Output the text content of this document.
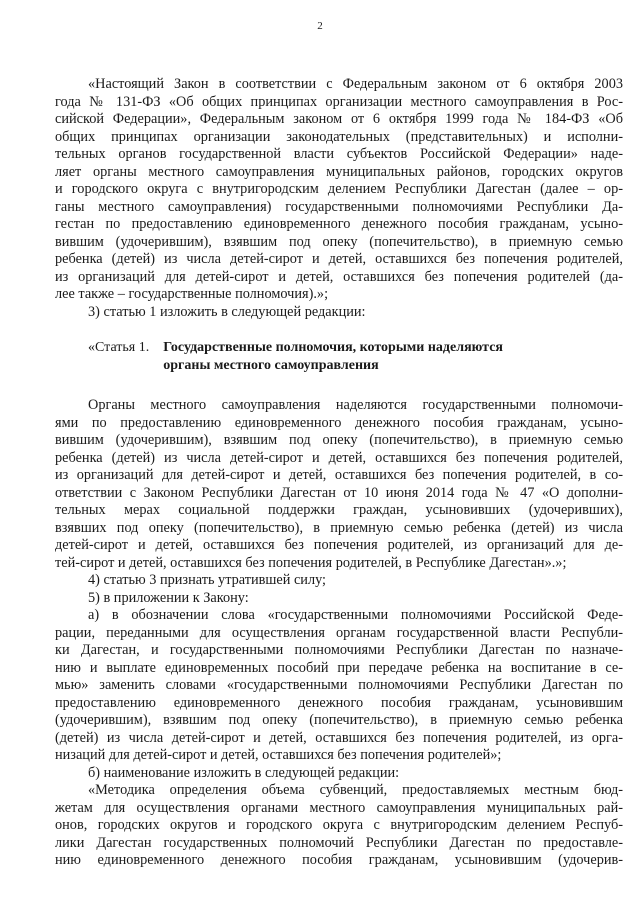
2
«Настоящий Закон в соответствии с Федеральным законом от 6 октября 2003
года № 131-ФЗ «Об общих принципах организации местного самоуправления в Рос-
сийской Федерации», Федеральным законом от 6 октября 1999 года № 184-ФЗ «Об
общих принципах организации законодательных (представительных) и исполни-
тельных органов государственной власти субъектов Российской Федерации» наде-
ляет органы местного самоуправления муниципальных районов, городских округов
и городского округа с внутригородским делением Республики Дагестан (далее – ор-
ганы местного самоуправления) государственными полномочиями Республики Да-
гестан по предоставлению единовременного денежного пособия гражданам, усыно-
вившим (удочерившим), взявшим под опеку (попечительство), в приемную семью
ребенка (детей) из числа детей-сирот и детей, оставшихся без попечения родителей,
из организаций для детей-сирот и детей, оставшихся без попечения родителей (да-
лее также – государственные полномочия).»;
3) статью 1 изложить в следующей редакции:
«Статья 1. Государственные полномочия, которыми наделяются
органы местного самоуправления
Органы местного самоуправления наделяются государственными полномочи-
ями по предоставлению единовременного денежного пособия гражданам, усыно-
вившим (удочерившим), взявшим под опеку (попечительство), в приемную семью
ребенка (детей) из числа детей-сирот и детей, оставшихся без попечения родителей,
из организаций для детей-сирот и детей, оставшихся без попечения родителей, в со-
ответствии с Законом Республики Дагестан от 10 июня 2014 года № 47 «О дополни-
тельных мерах социальной поддержки граждан, усыновивших (удочеривших),
взявших под опеку (попечительство), в приемную семью ребенка (детей) из числа
детей-сирот и детей, оставшихся без попечения родителей, из организаций для де-
тей-сирот и детей, оставшихся без попечения родителей, в Республике Дагестан».»;
4) статью 3 признать утратившей силу;
5) в приложении к Закону:
а) в обозначении слова «государственными полномочиями Российской Феде-
рации, переданными для осуществления органам государственной власти Республи-
ки Дагестан, и государственными полномочиями Республики Дагестан по назначе-
нию и выплате единовременных пособий при передаче ребенка на воспитание в се-
мью» заменить словами «государственными полномочиями Республики Дагестан по
предоставлению единовременного денежного пособия гражданам, усыновившим
(удочерившим), взявшим под опеку (попечительство), в приемную семью ребенка
(детей) из числа детей-сирот и детей, оставшихся без попечения родителей, из орга-
низаций для детей-сирот и детей, оставшихся без попечения родителей»;
б) наименование изложить в следующей редакции:
«Методика определения объема субвенций, предоставляемых местным бюд-
жетам для осуществления органами местного самоуправления муниципальных рай-
онов, городских округов и городского округа с внутригородским делением Респуб-
лики Дагестан государственных полномочий Республики Дагестан по предоставле-
нию единовременного денежного пособия гражданам, усыновившим (удочерив-
